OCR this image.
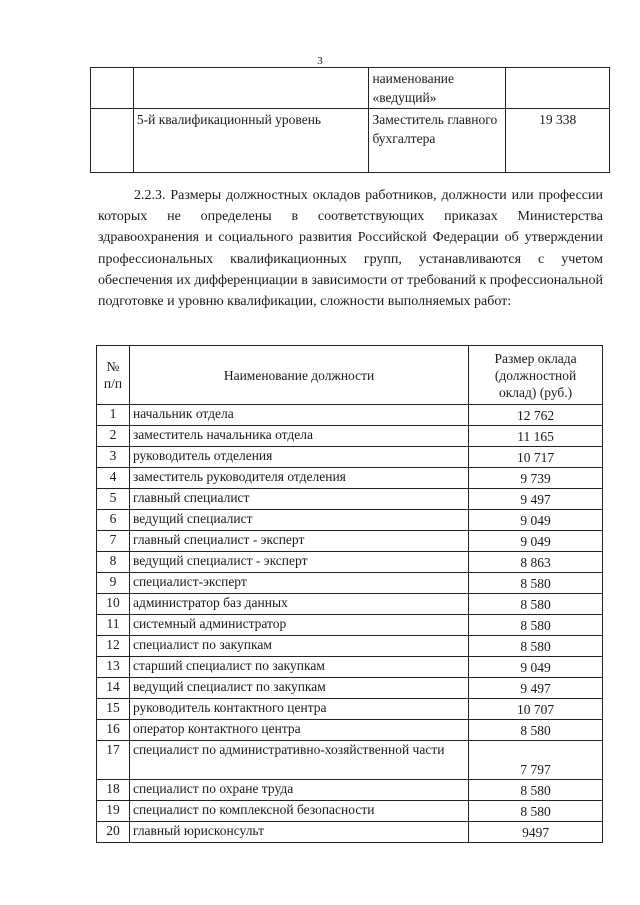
3
		наименование «ведущий»	
	5-й квалификационный уровень	Заместитель главного бухгалтера	19 338

2.2.3. Размеры должностных окладов работников, должности или профессии которых не определены в соответствующих приказах Министерства здравоохранения и социального развития Российской Федерации об утверждении профессиональных квалификационных групп, устанавливаются с учетом обеспечения их дифференциации в зависимости от требований к профессиональной подготовке и уровню квалификации, сложности выполняемых работ:

№ п/п	Наименование должности	Размер оклада (должностной оклад) (руб.)
1	начальник отдела	12 762
2	заместитель начальника отдела	11 165
3	руководитель отделения	10 717
4	заместитель руководителя отделения	9 739
5	главный специалист	9 497
6	ведущий специалист	9 049
7	главный специалист - эксперт	9 049
8	ведущий специалист - эксперт	8 863
9	специалист-эксперт	8 580
10	администратор баз данных	8 580
11	системный администратор	8 580
12	специалист по закупкам	8 580
13	старший специалист по закупкам	9 049
14	ведущий специалист по закупкам	9 497
15	руководитель контактного центра	10 707
16	оператор контактного центра	8 580
17	специалист по административно-хозяйственной части	7 797
18	специалист по охране труда	8 580
19	специалист по комплексной безопасности	8 580
20	главный юрисконсульт	9497
